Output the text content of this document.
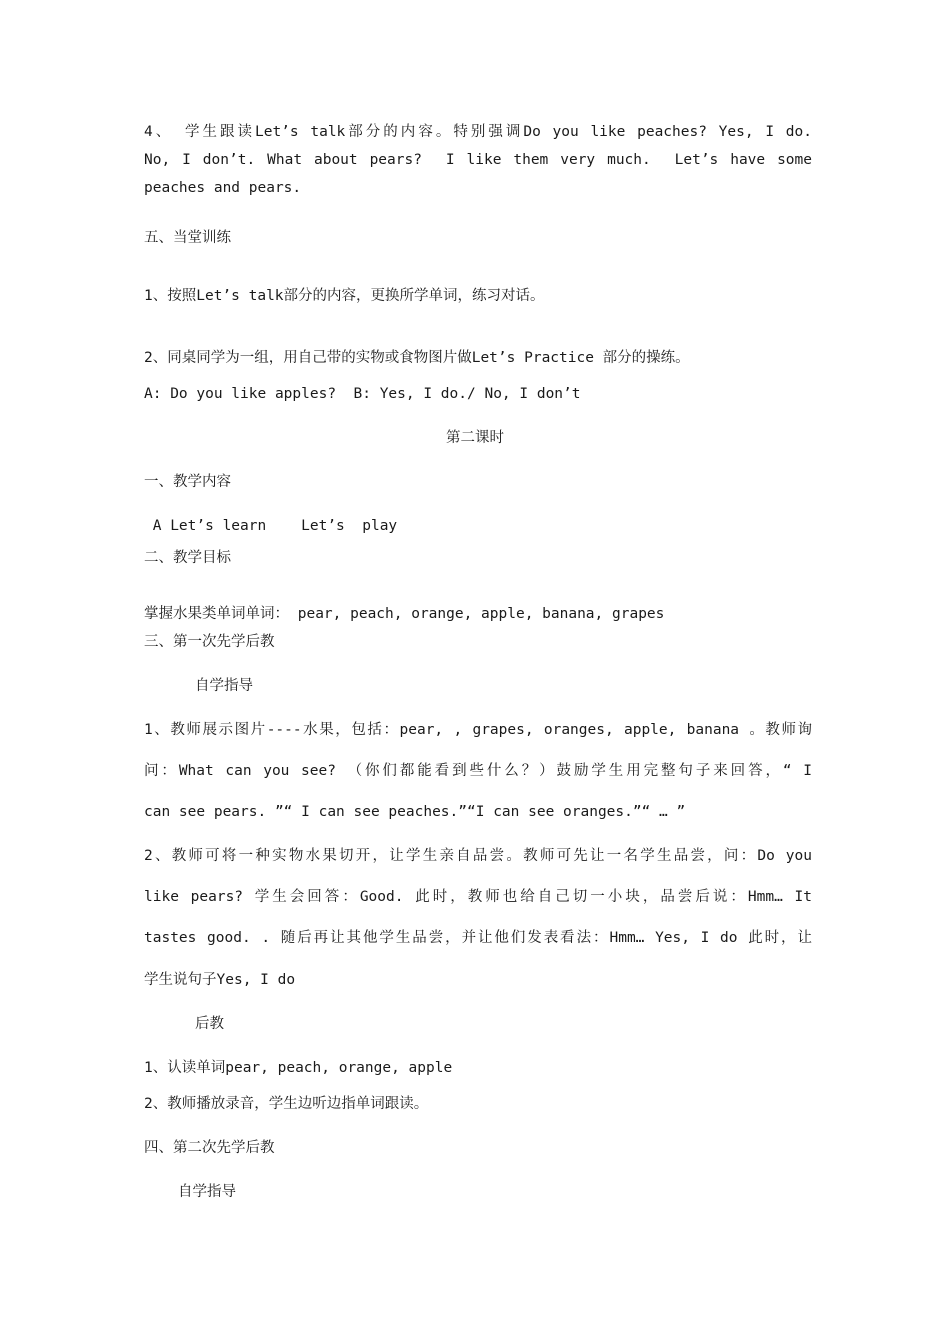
4、 学生跟读Let’s talk部分的内容。特别强调Do you like peaches? Yes, I do.

No, I don’t. What about pears?  I like them very much.  Let’s have some

peaches and pears.

五、当堂训练

1、按照Let’s talk部分的内容，更换所学单词，练习对话。

2、同桌同学为一组，用自己带的实物或食物图片做Let’s Practice 部分的操练。

A: Do you like apples?  B: Yes, I do./ No, I don’t

第二课时

一、教学内容

A Let’s learn    Let’s  play

二、教学目标

掌握水果类单词单词： pear, peach, orange, apple, banana, grapes

三、第一次先学后教

自学指导

1、教师展示图片----水果，包括：pear, , grapes, oranges, apple, banana 。教师询

问：What can you see? （你们都能看到些什么？）鼓励学生用完整句子来回答，“ I

can see pears. ”“ I can see peaches.”“I can see oranges.”“ … ”

2、教师可将一种实物水果切开，让学生亲自品尝。教师可先让一名学生品尝，问：Do you

like pears? 学生会回答：Good. 此时，教师也给自己切一小块，品尝后说：Hmm… It

tastes good. . 随后再让其他学生品尝，并让他们发表看法：Hmm… Yes, I do 此时，让

学生说句子Yes, I do

后教

1、认读单词pear, peach, orange, apple

2、教师播放录音，学生边听边指单词跟读。

四、第二次先学后教

自学指导
